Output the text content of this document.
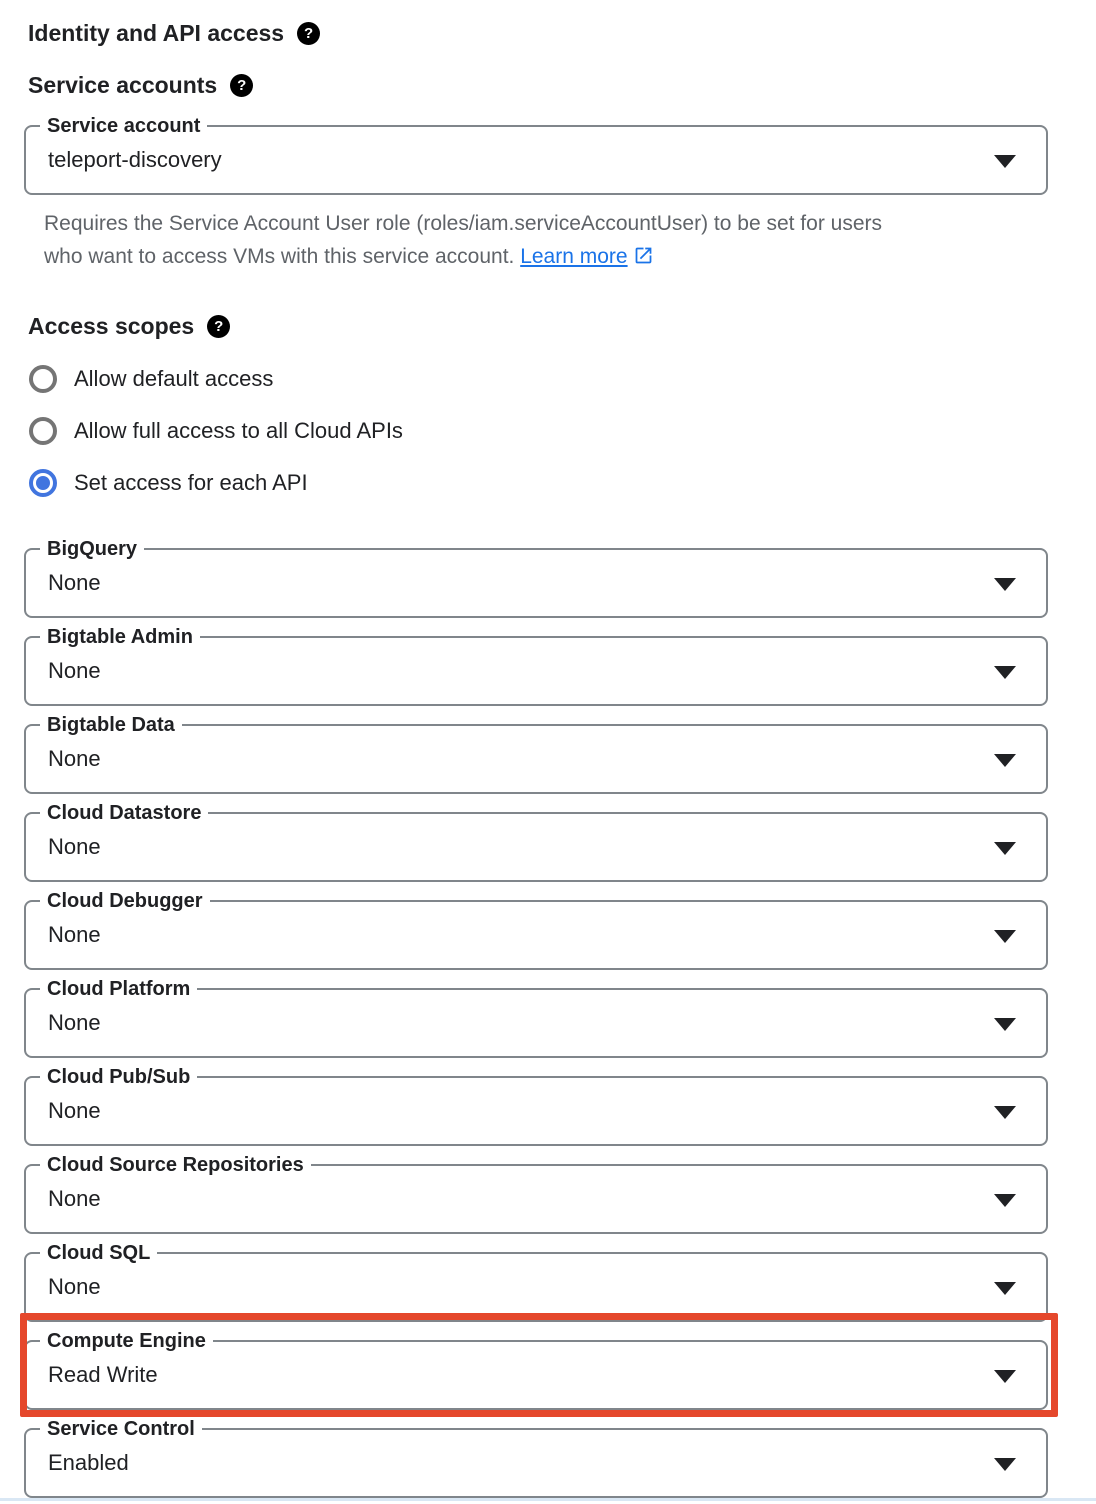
Identity and API access	?
Service accounts	?
Service account
teleport-discovery
Requires the Service Account User role (roles/iam.serviceAccountUser) to be set for users
who want to access VMs with this service account. Learn more
Access scopes	?
Allow default access
Allow full access to all Cloud APIs
Set access for each API
BigQuery
None
Bigtable Admin
None
Bigtable Data
None
Cloud Datastore
None
Cloud Debugger
None
Cloud Platform
None
Cloud Pub/Sub
None
Cloud Source Repositories
None
Cloud SQL
None
Compute Engine
Read Write
Service Control
Enabled
